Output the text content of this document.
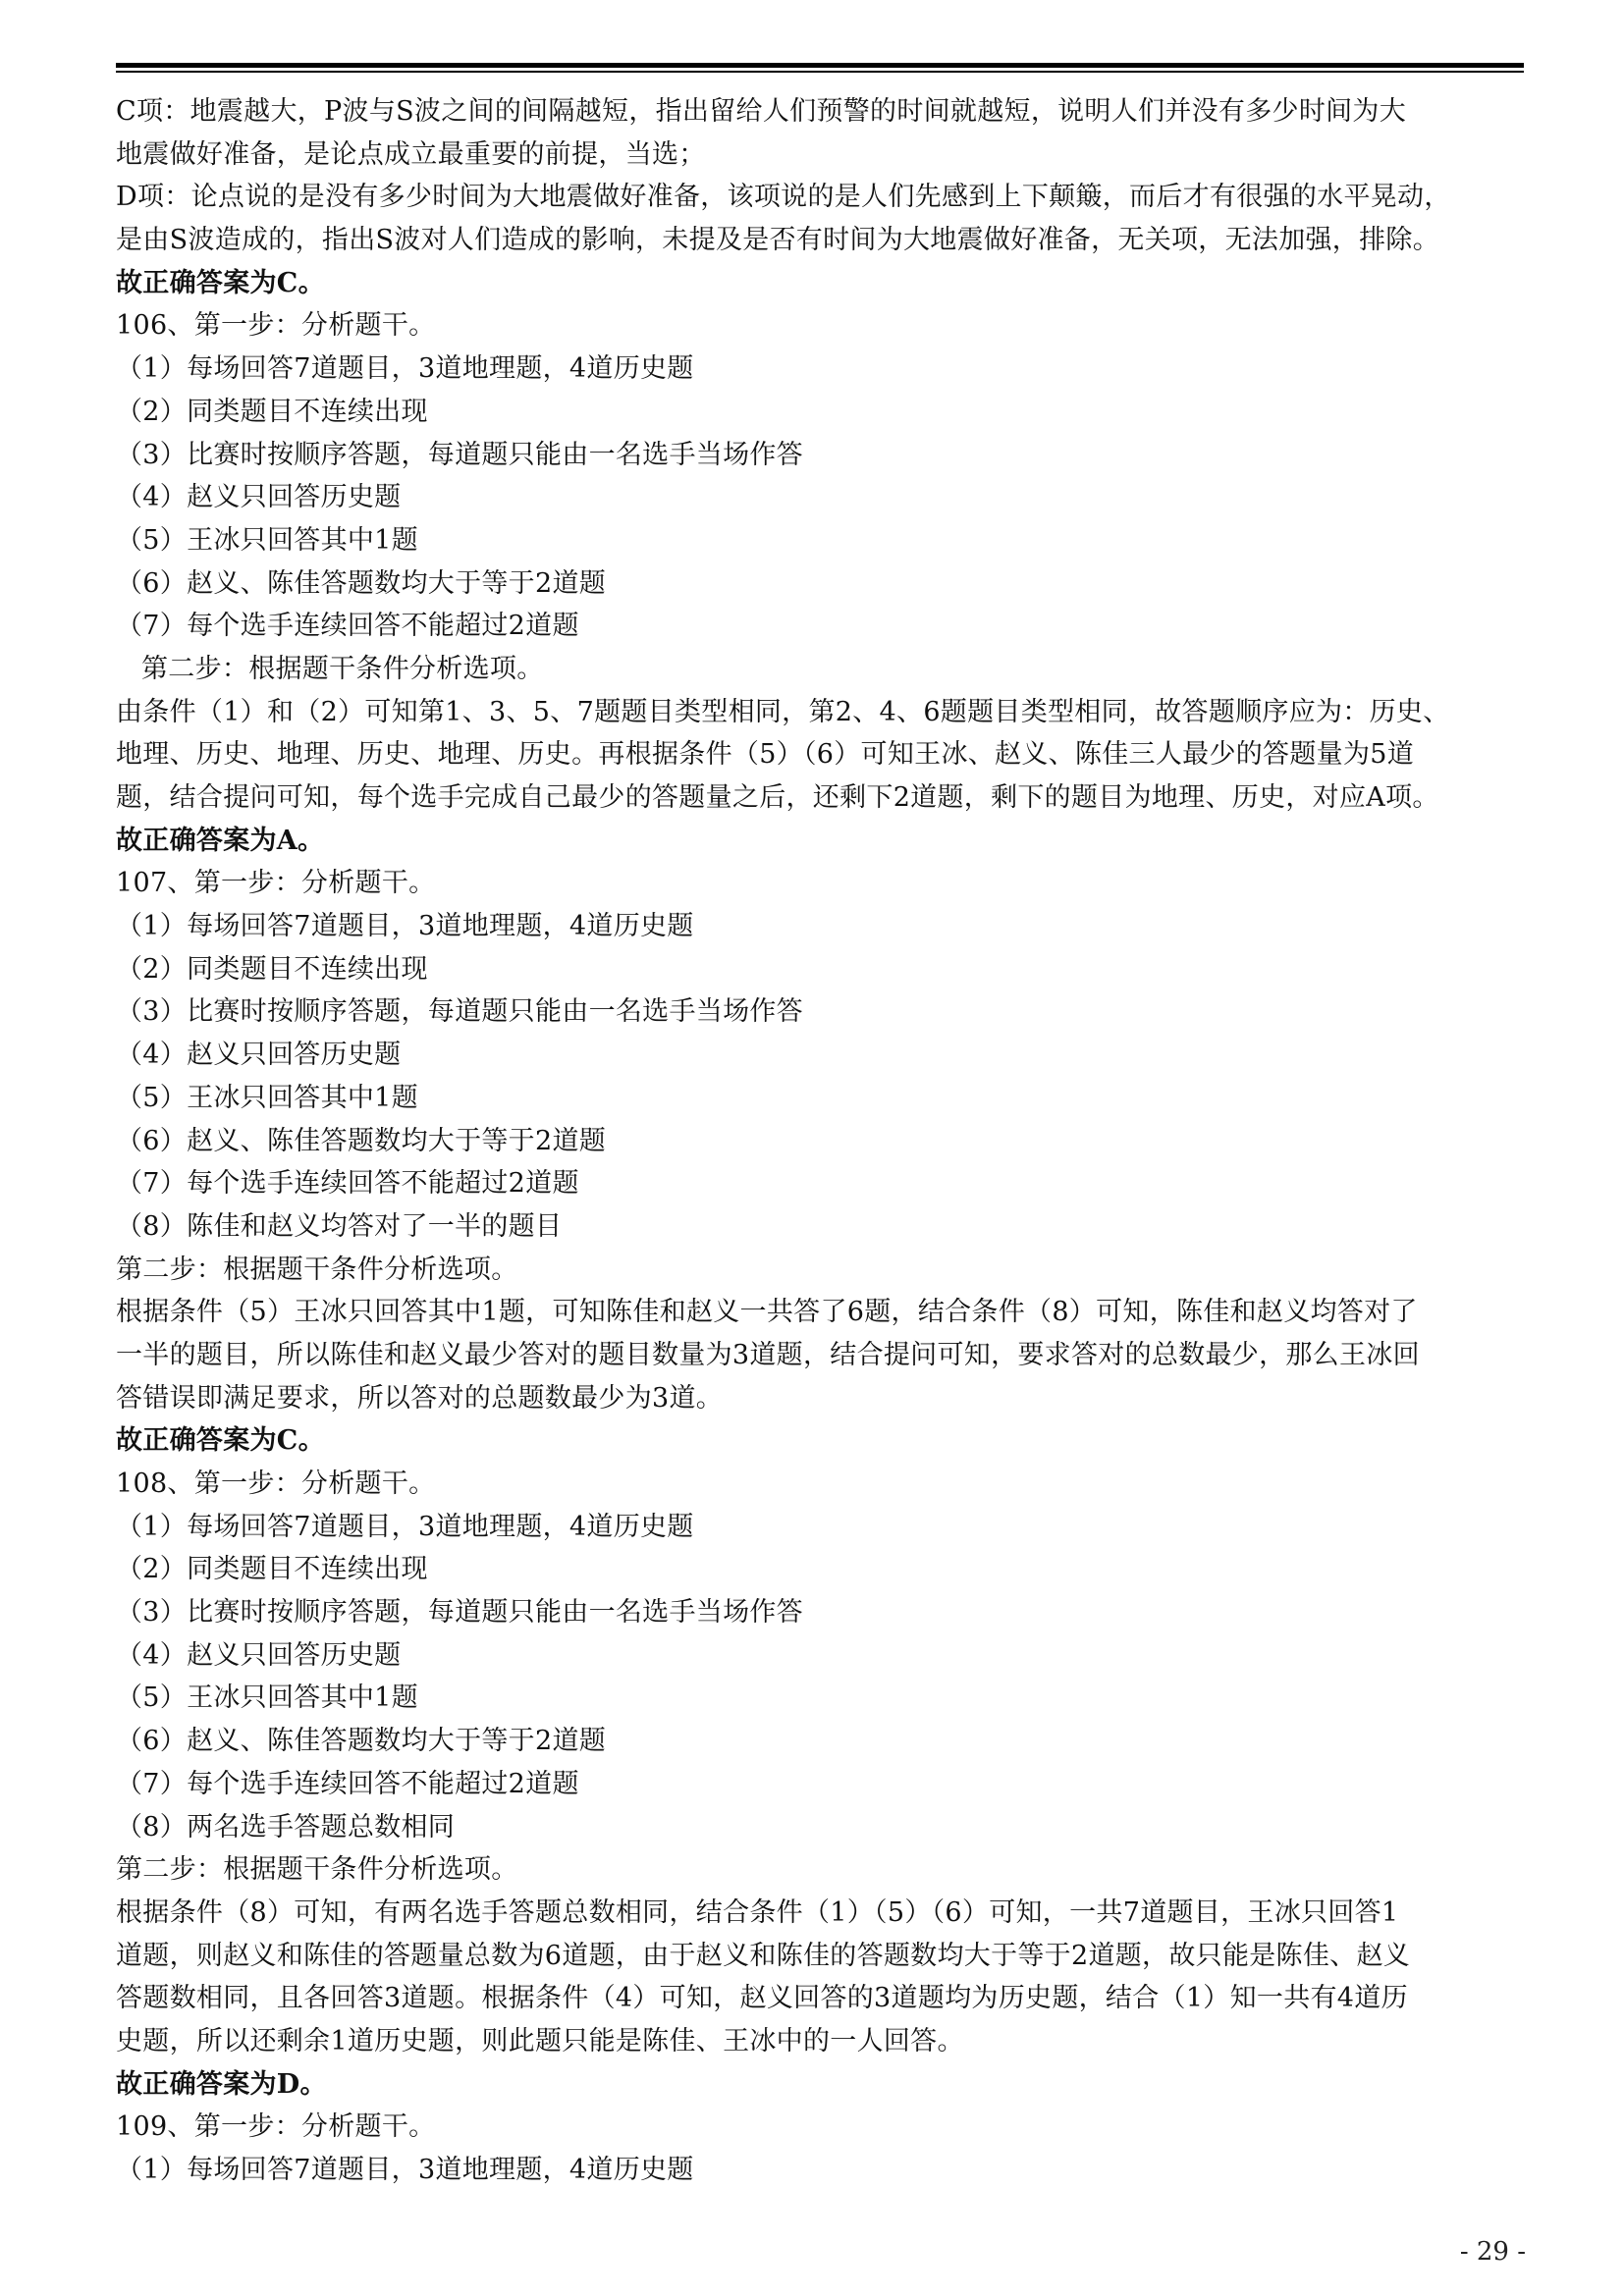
C项：地震越大，P波与S波之间的间隔越短，指出留给人们预警的时间就越短，说明人们并没有多少时间为大
地震做好准备，是论点成立最重要的前提，当选；
D项：论点说的是没有多少时间为大地震做好准备，该项说的是人们先感到上下颠簸，而后才有很强的水平晃动，
是由S波造成的，指出S波对人们造成的影响，未提及是否有时间为大地震做好准备，无关项，无法加强，排除。
故正确答案为C。
106、第一步：分析题干。
（1）每场回答7道题目，3道地理题，4道历史题
（2）同类题目不连续出现
（3）比赛时按顺序答题，每道题只能由一名选手当场作答
（4）赵义只回答历史题
（5）王冰只回答其中1题
（6）赵义、陈佳答题数均大于等于2道题
（7）每个选手连续回答不能超过2道题
第二步：根据题干条件分析选项。
由条件（1）和（2）可知第1、3、5、7题题目类型相同，第2、4、6题题目类型相同，故答题顺序应为：历史、
地理、历史、地理、历史、地理、历史。再根据条件（5）（6）可知王冰、赵义、陈佳三人最少的答题量为5道
题，结合提问可知，每个选手完成自己最少的答题量之后，还剩下2道题，剩下的题目为地理、历史，对应A项。
故正确答案为A。
107、第一步：分析题干。
（1）每场回答7道题目，3道地理题，4道历史题
（2）同类题目不连续出现
（3）比赛时按顺序答题，每道题只能由一名选手当场作答
（4）赵义只回答历史题
（5）王冰只回答其中1题
（6）赵义、陈佳答题数均大于等于2道题
（7）每个选手连续回答不能超过2道题
（8）陈佳和赵义均答对了一半的题目
第二步：根据题干条件分析选项。
根据条件（5）王冰只回答其中1题，可知陈佳和赵义一共答了6题，结合条件（8）可知，陈佳和赵义均答对了
一半的题目，所以陈佳和赵义最少答对的题目数量为3道题，结合提问可知，要求答对的总数最少，那么王冰回
答错误即满足要求，所以答对的总题数最少为3道。
故正确答案为C。
108、第一步：分析题干。
（1）每场回答7道题目，3道地理题，4道历史题
（2）同类题目不连续出现
（3）比赛时按顺序答题，每道题只能由一名选手当场作答
（4）赵义只回答历史题
（5）王冰只回答其中1题
（6）赵义、陈佳答题数均大于等于2道题
（7）每个选手连续回答不能超过2道题
（8）两名选手答题总数相同
第二步：根据题干条件分析选项。
根据条件（8）可知，有两名选手答题总数相同，结合条件（1）（5）（6）可知，一共7道题目，王冰只回答1
道题，则赵义和陈佳的答题量总数为6道题，由于赵义和陈佳的答题数均大于等于2道题，故只能是陈佳、赵义
答题数相同，且各回答3道题。根据条件（4）可知，赵义回答的3道题均为历史题，结合（1）知一共有4道历
史题，所以还剩余1道历史题，则此题只能是陈佳、王冰中的一人回答。
故正确答案为D。
109、第一步：分析题干。
（1）每场回答7道题目，3道地理题，4道历史题
- 29 -
